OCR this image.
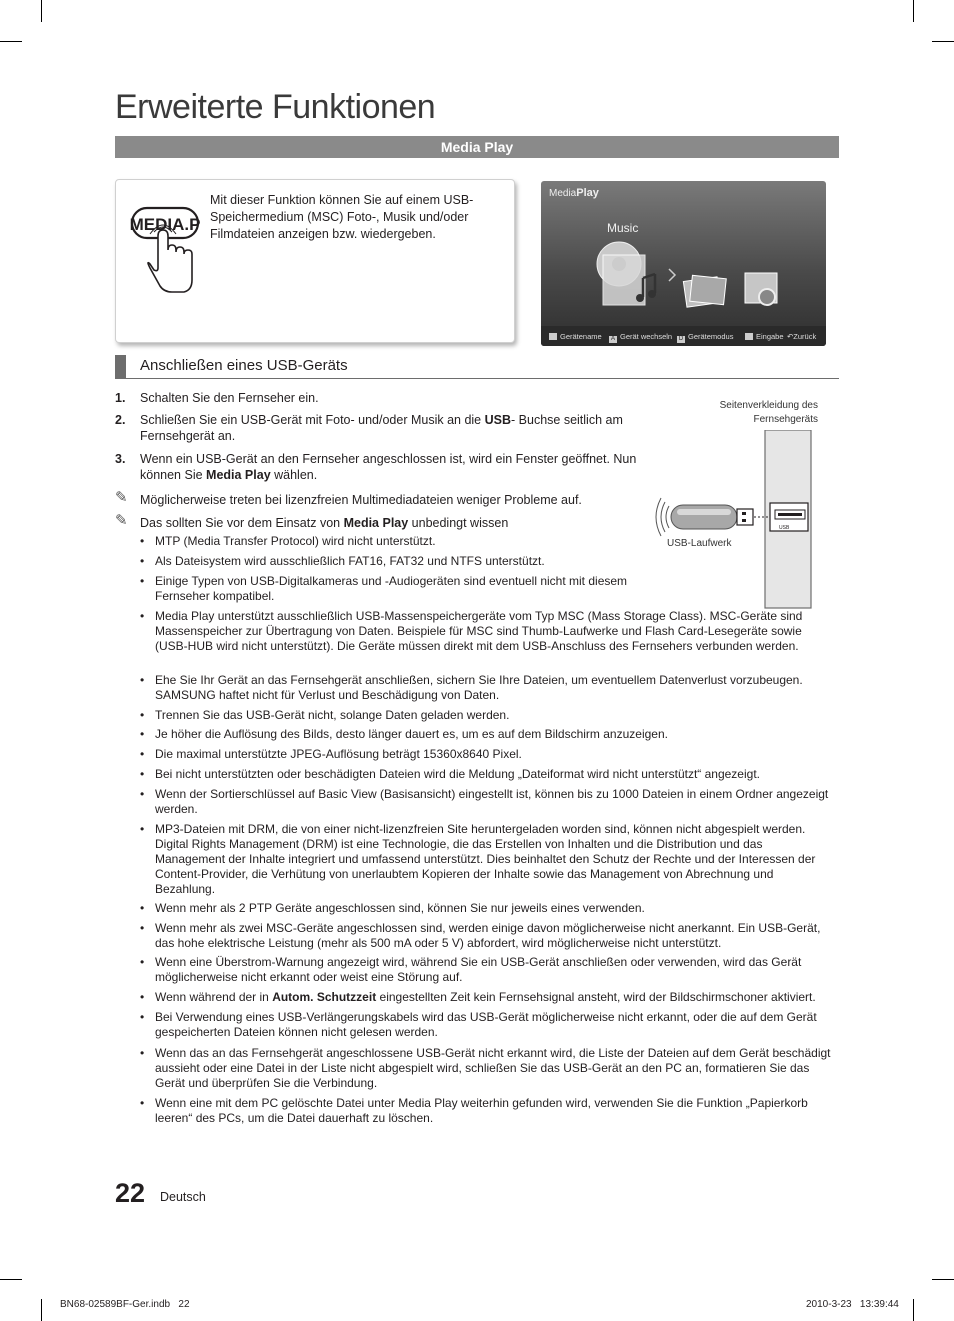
Erweiterte Funktionen
Media Play
MEDIA.P

Mit dieser Funktion können Sie auf einem USB-Speichermedium (MSC) Foto-, Musik und/oder Filmdateien anzeigen bzw. wiedergeben.

MediaPlay
Music
Gerätename	A Gerät wechseln	D Gerätemodus	Eingabe ↶Zurück
Anschließen eines USB-Geräts
1. Schalten Sie den Fernseher ein.
2. Schließen Sie ein USB-Gerät mit Foto- und/oder Musik an die USB- Buchse seitlich am Fernsehgerät an.
3. Wenn ein USB-Gerät an den Fernseher angeschlossen ist, wird ein Fenster geöffnet. Nun können Sie Media Play wählen.
✎ Möglicherweise treten bei lizenzfreien Multimediadateien weniger Probleme auf.
✎ Das sollten Sie vor dem Einsatz von Media Play unbedingt wissen
• MTP (Media Transfer Protocol) wird nicht unterstützt.
• Als Dateisystem wird ausschließlich FAT16, FAT32 und NTFS unterstützt.
• Einige Typen von USB-Digitalkameras und -Audiogeräten sind eventuell nicht mit diesem Fernseher kompatibel.
• Media Play unterstützt ausschließlich USB-Massenspeichergeräte vom Typ MSC (Mass Storage Class). MSC-Geräte sind Massenspeicher zur Übertragung von Daten. Beispiele für MSC sind Thumb-Laufwerke und Flash Card-Lesegeräte sowie (USB-HUB wird nicht unterstützt). Die Geräte müssen direkt mit dem USB-Anschluss des Fernsehers verbunden werden.
• Ehe Sie Ihr Gerät an das Fernsehgerät anschließen, sichern Sie Ihre Dateien, um eventuellem Datenverlust vorzubeugen. SAMSUNG haftet nicht für Verlust und Beschädigung von Daten.
• Trennen Sie das USB-Gerät nicht, solange Daten geladen werden.
• Je höher die Auflösung des Bilds, desto länger dauert es, um es auf dem Bildschirm anzuzeigen.
• Die maximal unterstützte JPEG-Auflösung beträgt 15360x8640 Pixel.
• Bei nicht unterstützten oder beschädigten Dateien wird die Meldung „Dateiformat wird nicht unterstützt“ angezeigt.
• Wenn der Sortierschlüssel auf Basic View (Basisansicht) eingestellt ist, können bis zu 1000 Dateien in einem Ordner angezeigt werden.
• MP3-Dateien mit DRM, die von einer nicht-lizenzfreien Site heruntergeladen worden sind, können nicht abgespielt werden. Digital Rights Management (DRM) ist eine Technologie, die das Erstellen von Inhalten und die Distribution und das Management der Inhalte integriert und umfassend unterstützt. Dies beinhaltet den Schutz der Rechte und der Interessen der Content-Provider, die Verhütung von unerlaubtem Kopieren der Inhalte sowie das Management von Abrechnung und Bezahlung.
• Wenn mehr als 2 PTP Geräte angeschlossen sind, können Sie nur jeweils eines verwenden.
• Wenn mehr als zwei MSC-Geräte angeschlossen sind, werden einige davon möglicherweise nicht anerkannt. Ein USB-Gerät, das hohe elektrische Leistung (mehr als 500 mA oder 5 V) abfordert, wird möglicherweise nicht unterstützt.
• Wenn eine Überstrom-Warnung angezeigt wird, während Sie ein USB-Gerät anschließen oder verwenden, wird das Gerät möglicherweise nicht erkannt oder weist eine Störung auf.
• Wenn während der in Autom. Schutzzeit eingestellten Zeit kein Fernsehsignal ansteht, wird der Bildschirmschoner aktiviert.
• Bei Verwendung eines USB-Verlängerungskabels wird das USB-Gerät möglicherweise nicht erkannt, oder die auf dem Gerät gespeicherten Dateien können nicht gelesen werden.
• Wenn das an das Fernsehgerät angeschlossene USB-Gerät nicht erkannt wird, die Liste der Dateien auf dem Gerät beschädigt aussieht oder eine Datei in der Liste nicht abgespielt wird, schließen Sie das USB-Gerät an den PC an, formatieren Sie das Gerät und überprüfen Sie die Verbindung.
• Wenn eine mit dem PC gelöschte Datei unter Media Play weiterhin gefunden wird, verwenden Sie die Funktion „Papierkorb leeren“ des PCs, um die Datei dauerhaft zu löschen.
Seitenverkleidung des Fernsehgeräts
USB
USB-Laufwerk
22 Deutsch
BN68-02589BF-Ger.indb   22	2010-3-23   13:39:44
